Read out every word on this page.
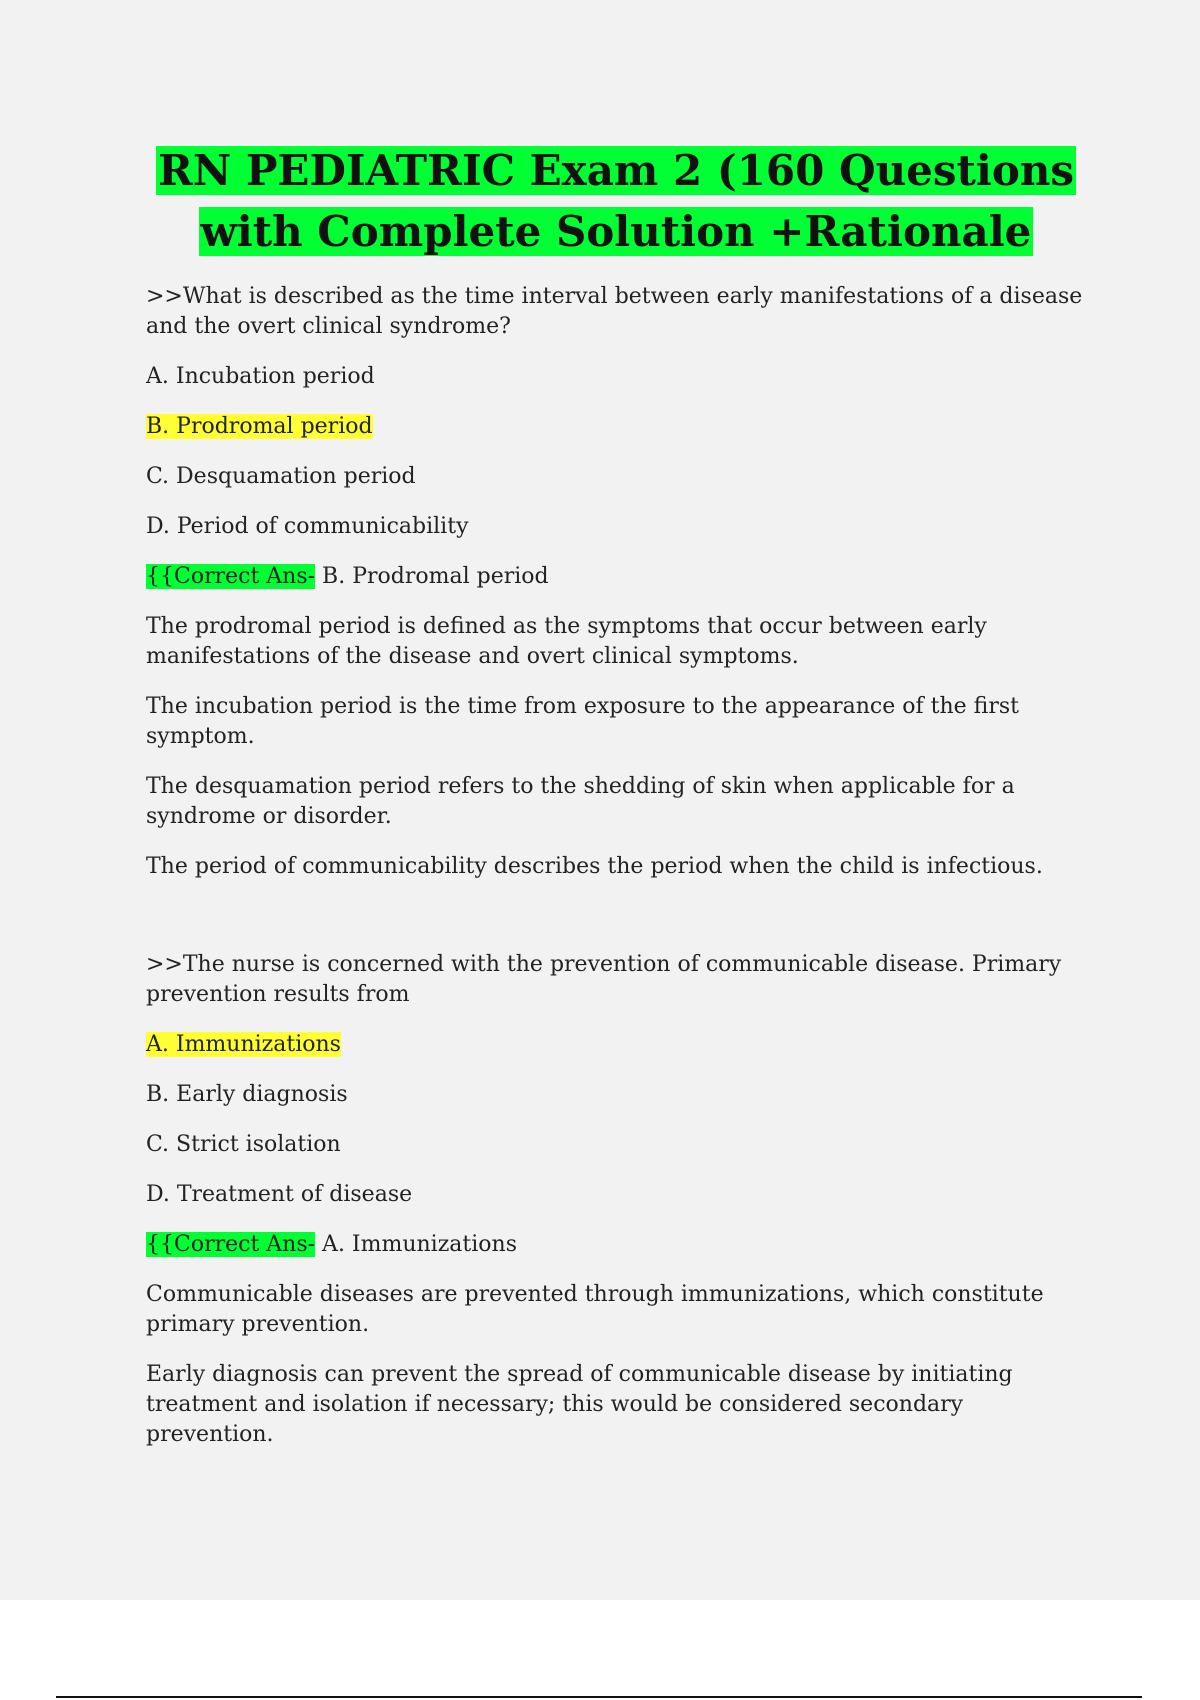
RN PEDIATRIC Exam 2 (160 Questions with Complete Solution +Rationale

>>What is described as the time interval between early manifestations of a disease and the overt clinical syndrome?

A. Incubation period

B. Prodromal period

C. Desquamation period

D. Period of communicability

{{Correct Ans- B. Prodromal period

The prodromal period is defined as the symptoms that occur between early manifestations of the disease and overt clinical symptoms.

The incubation period is the time from exposure to the appearance of the first symptom.

The desquamation period refers to the shedding of skin when applicable for a syndrome or disorder.

The period of communicability describes the period when the child is infectious.

>>The nurse is concerned with the prevention of communicable disease. Primary prevention results from

A. Immunizations

B. Early diagnosis

C. Strict isolation

D. Treatment of disease

{{Correct Ans- A. Immunizations

Communicable diseases are prevented through immunizations, which constitute primary prevention.

Early diagnosis can prevent the spread of communicable disease by initiating treatment and isolation if necessary; this would be considered secondary prevention.
